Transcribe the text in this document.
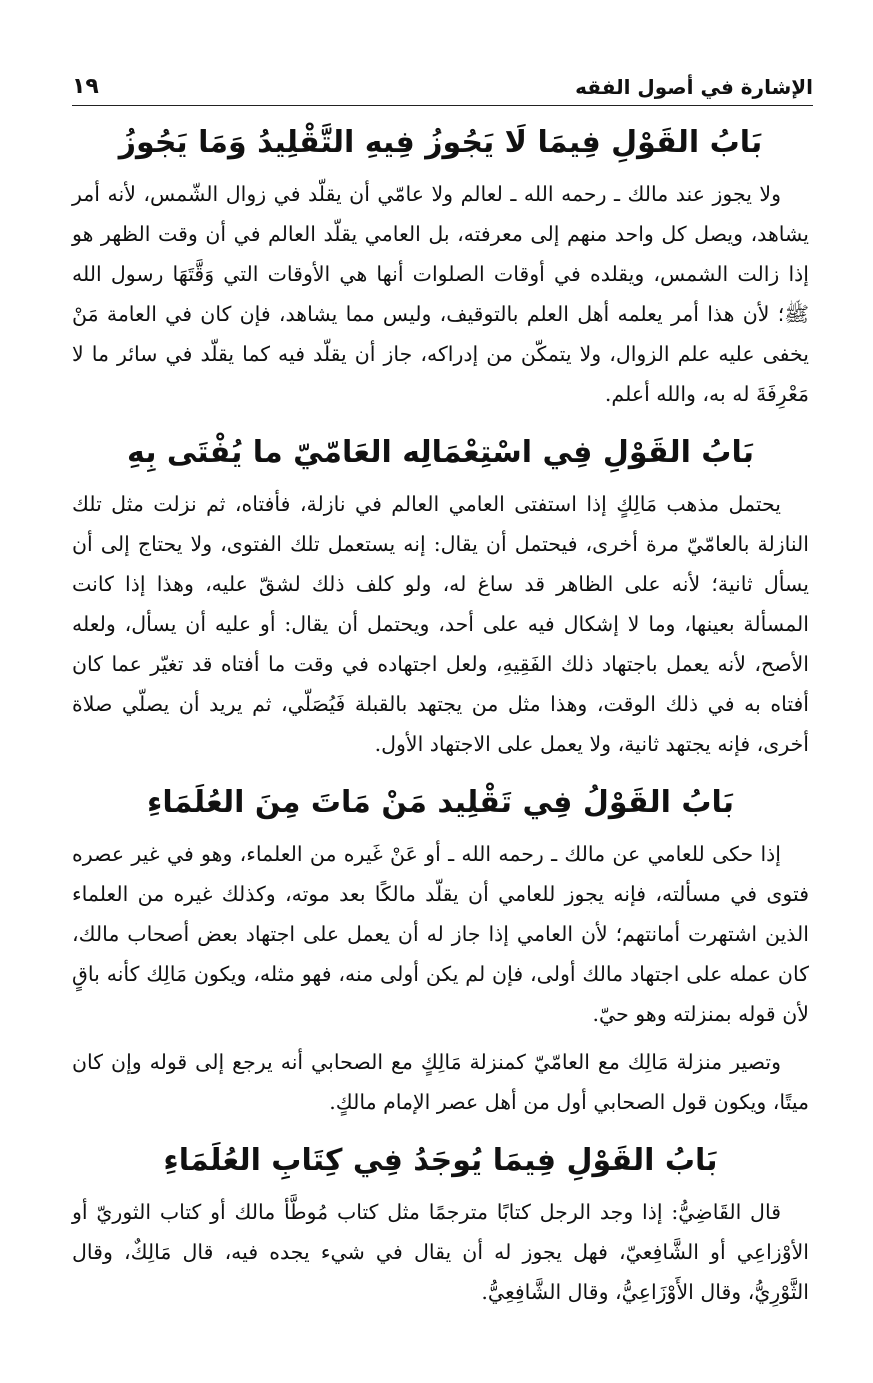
الإشارة في أصول الفقه
١٩
بَابُ القَوْلِ فِيمَا لَا يَجُوزُ فِيهِ التَّقْلِيدُ وَمَا يَجُوزُ

ولا يجوز عند مالك ـ رحمه الله ـ لعالم ولا عامّي أن يقلّد في زوال الشّمس، لأنه أمر يشاهد، ويصل كل واحد منهم إلى معرفته، بل العامي يقلّد العالم في أن وقت الظهر هو إذا زالت الشمس، ويقلده في أوقات الصلوات أنها هي الأوقات التي وَقَّتَهَا رسول الله ﷺ؛ لأن هذا أمر يعلمه أهل العلم بالتوقيف، وليس مما يشاهد، فإن كان في العامة مَنْ يخفى عليه علم الزوال، ولا يتمكّن من إدراكه، جاز أن يقلّد فيه كما يقلّد في سائر ما لا مَعْرِفَةَ له به، والله أعلم.

بَابُ القَوْلِ فِي اسْتِعْمَالِه العَامّيّ ما يُفْتَى بِهِ

يحتمل مذهب مَالِكٍ إذا استفتى العامي العالم في نازلة، فأفتاه، ثم نزلت مثل تلك النازلة بالعامّيّ مرة أخرى، فيحتمل أن يقال: إنه يستعمل تلك الفتوى، ولا يحتاج إلى أن يسأل ثانية؛ لأنه على الظاهر قد ساغ له، ولو كلف ذلك لشقّ عليه، وهذا إذا كانت المسألة بعينها، وما لا إشكال فيه على أحد، ويحتمل أن يقال: أو عليه أن يسأل، ولعله الأصح، لأنه يعمل باجتهاد ذلك الفَقِيهِ، ولعل اجتهاده في وقت ما أفتاه قد تغيّر عما كان أفتاه به في ذلك الوقت، وهذا مثل من يجتهد بالقبلة فَيُصَلّي، ثم يريد أن يصلّي صلاة أخرى، فإنه يجتهد ثانية، ولا يعمل على الاجتهاد الأول.

بَابُ القَوْلُ فِي تَقْلِيد مَنْ مَاتَ مِنَ العُلَمَاءِ

إذا حكى للعامي عن مالك ـ رحمه الله ـ أو عَنْ غَيره من العلماء، وهو في غير عصره فتوى في مسألته، فإنه يجوز للعامي أن يقلّد مالكًا بعد موته، وكذلك غيره من العلماء الذين اشتهرت أمانتهم؛ لأن العامي إذا جاز له أن يعمل على اجتهاد بعض أصحاب مالك، كان عمله على اجتهاد مالك أولى، فإن لم يكن أولى منه، فهو مثله، ويكون مَالِك كأنه باقٍ لأن قوله بمنزلته وهو حيّ.

وتصير منزلة مَالِك مع العامّيّ كمنزلة مَالِكٍ مع الصحابي أنه يرجع إلى قوله وإن كان ميتًا، ويكون قول الصحابي أول من أهل عصر الإمام مالكٍ.

بَابُ القَوْلِ فِيمَا يُوجَدُ فِي كِتَابِ العُلَمَاءِ

قال القَاضِيُّ: إذا وجد الرجل كتابًا مترجمًا مثل كتاب مُوطَّأ مالك أو كتاب الثوريّ أو الأوْزاعِي أو الشَّافِعيّ، فهل يجوز له أن يقال في شيء يجده فيه، قال مَالِكٌ، وقال الثَّوْرِيُّ، وقال الأَوْزَاعِيُّ، وقال الشَّافِعِيُّ.
